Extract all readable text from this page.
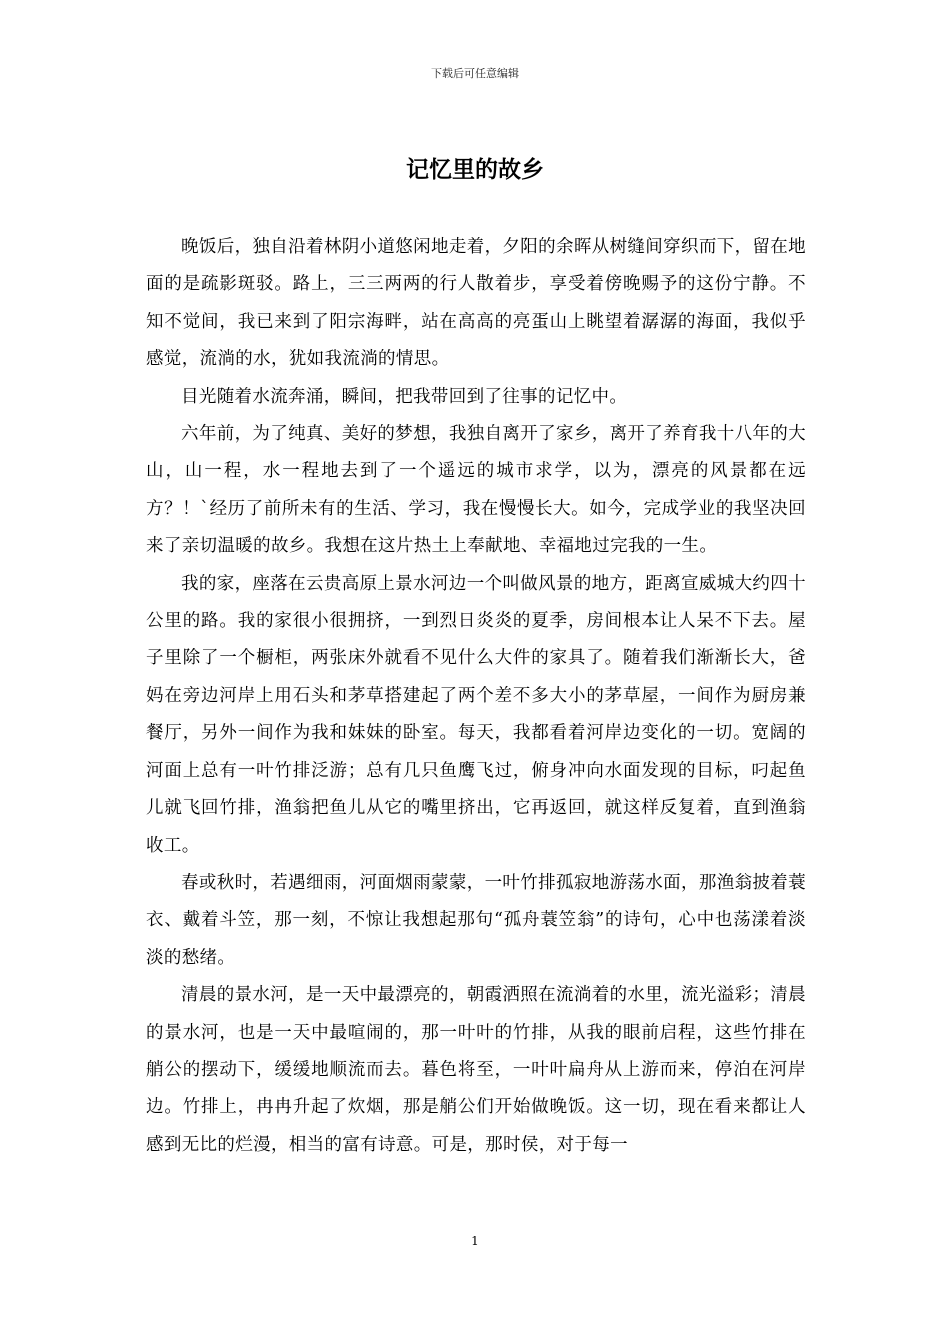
下载后可任意编辑
记忆里的故乡

晚饭后，独自沿着林阴小道悠闲地走着，夕阳的余晖从树缝间穿织而下，留在地面的是疏影斑驳。路上，三三两两的行人散着步，享受着傍晚赐予的这份宁静。不知不觉间，我已来到了阳宗海畔，站在高高的亮蛋山上眺望着潺潺的海面，我似乎感觉，流淌的水，犹如我流淌的情思。

目光随着水流奔涌，瞬间，把我带回到了往事的记忆中。

六年前，为了纯真、美好的梦想，我独自离开了家乡，离开了养育我十八年的大山，山一程，水一程地去到了一个遥远的城市求学，以为，漂亮的风景都在远方？！`经历了前所未有的生活、学习，我在慢慢长大。如今，完成学业的我坚决回来了亲切温暖的故乡。我想在这片热土上奉献地、幸福地过完我的一生。

我的家，座落在云贵高原上景水河边一个叫做风景的地方，距离宣威城大约四十公里的路。我的家很小很拥挤，一到烈日炎炎的夏季，房间根本让人呆不下去。屋子里除了一个橱柜，两张床外就看不见什么大件的家具了。随着我们渐渐长大，爸妈在旁边河岸上用石头和茅草搭建起了两个差不多大小的茅草屋，一间作为厨房兼餐厅，另外一间作为我和妹妹的卧室。每天，我都看着河岸边变化的一切。宽阔的河面上总有一叶竹排泛游；总有几只鱼鹰飞过，俯身冲向水面发现的目标，叼起鱼儿就飞回竹排，渔翁把鱼儿从它的嘴里挤出，它再返回，就这样反复着，直到渔翁收工。

春或秋时，若遇细雨，河面烟雨蒙蒙，一叶竹排孤寂地游荡水面，那渔翁披着蓑衣、戴着斗笠，那一刻，不惊让我想起那句“孤舟蓑笠翁”的诗句，心中也荡漾着淡淡的愁绪。

清晨的景水河，是一天中最漂亮的，朝霞洒照在流淌着的水里，流光溢彩；清晨的景水河，也是一天中最喧闹的，那一叶叶的竹排，从我的眼前启程，这些竹排在艄公的摆动下，缓缓地顺流而去。暮色将至，一叶叶扁舟从上游而来，停泊在河岸边。竹排上，冉冉升起了炊烟，那是艄公们开始做晚饭。这一切，现在看来都让人感到无比的烂漫，相当的富有诗意。可是，那时侯，对于每一

1
